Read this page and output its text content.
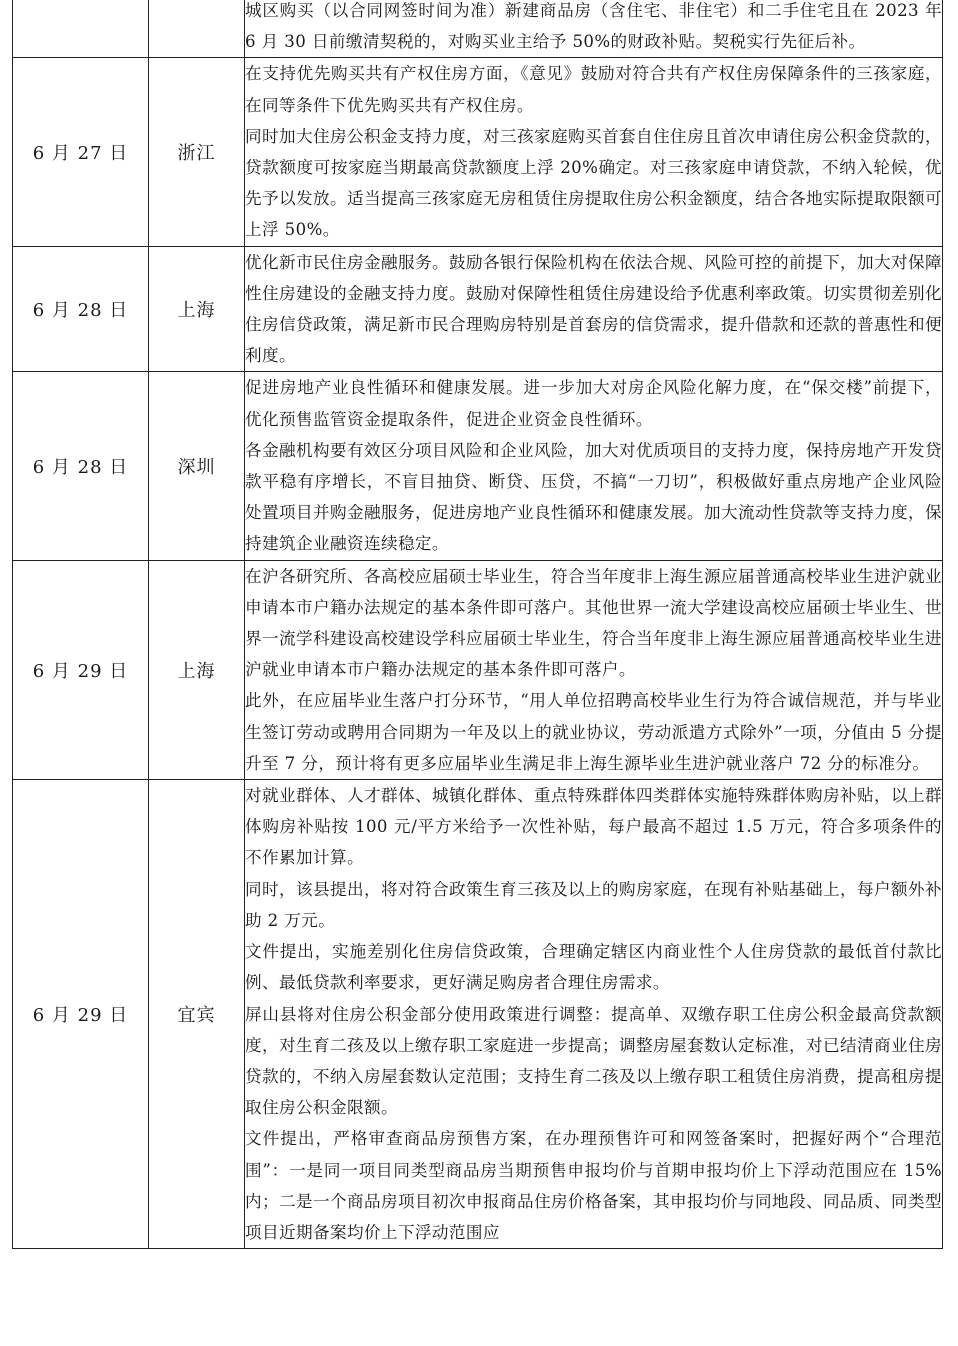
		城区购买（以合同网签时间为准）新建商品房（含住宅、非住宅）和二手住宅且在 2023 年 6 月 30 日前缴清契税的，对购买业主给予 50%的财政补贴。契税实行先征后补。

6 月 27 日	浙江	在支持优先购买共有产权住房方面，《意见》鼓励对符合共有产权住房保障条件的三孩家庭，在同等条件下优先购买共有产权住房。

同时加大住房公积金支持力度，对三孩家庭购买首套自住住房且首次申请住房公积金贷款的，贷款额度可按家庭当期最高贷款额度上浮 20%确定。对三孩家庭申请贷款，不纳入轮候，优先予以发放。适当提高三孩家庭无房租赁住房提取住房公积金额度，结合各地实际提取限额可上浮 50%。

6 月 28 日	上海	优化新市民住房金融服务。鼓励各银行保险机构在依法合规、风险可控的前提下，加大对保障性住房建设的金融支持力度。鼓励对保障性租赁住房建设给予优惠利率政策。切实贯彻差别化住房信贷政策，满足新市民合理购房特别是首套房的信贷需求，提升借款和还款的普惠性和便利度。

6 月 28 日	深圳	促进房地产业良性循环和健康发展。进一步加大对房企风险化解力度，在“保交楼”前提下，优化预售监管资金提取条件，促进企业资金良性循环。

各金融机构要有效区分项目风险和企业风险，加大对优质项目的支持力度，保持房地产开发贷款平稳有序增长，不盲目抽贷、断贷、压贷，不搞“一刀切”，积极做好重点房地产企业风险处置项目并购金融服务，促进房地产业良性循环和健康发展。加大流动性贷款等支持力度，保持建筑企业融资连续稳定。

6 月 29 日	上海	在沪各研究所、各高校应届硕士毕业生，符合当年度非上海生源应届普通高校毕业生进沪就业申请本市户籍办法规定的基本条件即可落户。其他世界一流大学建设高校应届硕士毕业生、世界一流学科建设高校建设学科应届硕士毕业生，符合当年度非上海生源应届普通高校毕业生进沪就业申请本市户籍办法规定的基本条件即可落户。

此外，在应届毕业生落户打分环节，“用人单位招聘高校毕业生行为符合诚信规范，并与毕业生签订劳动或聘用合同期为一年及以上的就业协议，劳动派遣方式除外”一项，分值由 5 分提升至 7 分，预计将有更多应届毕业生满足非上海生源毕业生进沪就业落户 72 分的标准分。

6 月 29 日	宜宾	对就业群体、人才群体、城镇化群体、重点特殊群体四类群体实施特殊群体购房补贴，以上群体购房补贴按 100 元/平方米给予一次性补贴，每户最高不超过 1.5 万元，符合多项条件的不作累加计算。

同时，该县提出，将对符合政策生育三孩及以上的购房家庭，在现有补贴基础上，每户额外补助 2 万元。

文件提出，实施差别化住房信贷政策，合理确定辖区内商业性个人住房贷款的最低首付款比例、最低贷款利率要求，更好满足购房者合理住房需求。

屏山县将对住房公积金部分使用政策进行调整：提高单、双缴存职工住房公积金最高贷款额度，对生育二孩及以上缴存职工家庭进一步提高；调整房屋套数认定标准，对已结清商业住房贷款的，不纳入房屋套数认定范围；支持生育二孩及以上缴存职工租赁住房消费，提高租房提取住房公积金限额。

文件提出，严格审查商品房预售方案，在办理预售许可和网签备案时，把握好两个“合理范围”：一是同一项目同类型商品房当期预售申报均价与首期申报均价上下浮动范围应在 15%内；二是一个商品房项目初次申报商品住房价格备案，其申报均价与同地段、同品质、同类型项目近期备案均价上下浮动范围应
